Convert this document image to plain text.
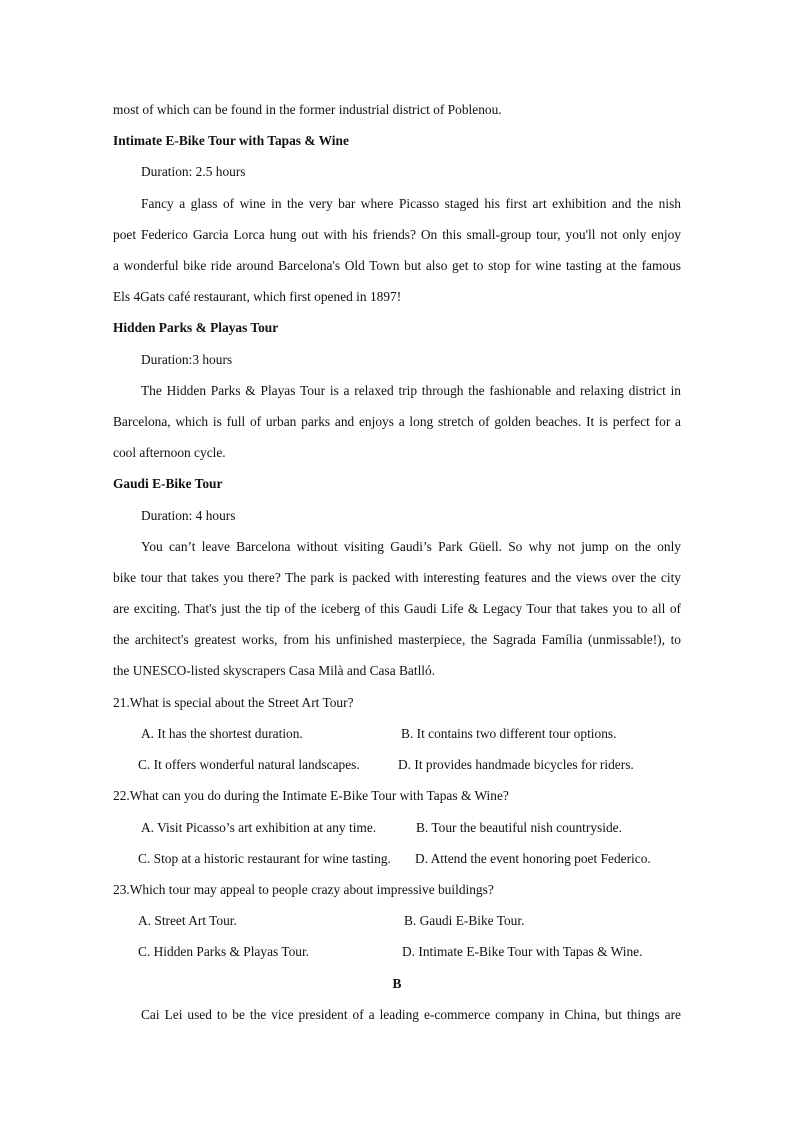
most of which can be found in the former industrial district of Poblenou.
Intimate E-Bike Tour with Tapas & Wine
Duration: 2.5 hours
Fancy a glass of wine in the very bar where Picasso staged his first art exhibition and the nish
poet Federico Garcia Lorca hung out with his friends? On this small-group tour, you'll not only enjoy
a wonderful bike ride around Barcelona's Old Town but also get to stop for wine tasting at the famous
Els 4Gats café restaurant, which first opened in 1897!
Hidden Parks & Playas Tour
Duration:3 hours
The Hidden Parks & Playas Tour is a relaxed trip through the fashionable and relaxing district in
Barcelona, which is full of urban parks and enjoys a long stretch of golden beaches. It is perfect for a
cool afternoon cycle.
Gaudi E-Bike Tour
Duration: 4 hours
You can’t leave Barcelona without visiting Gaudi’s Park Güell. So why not jump on the only
bike tour that takes you there? The park is packed with interesting features and the views over the city
are exciting. That's just the tip of the iceberg of this Gaudi Life & Legacy Tour that takes you to all of
the architect's greatest works, from his unfinished masterpiece, the Sagrada Família (unmissable!), to
the UNESCO-listed skyscrapers Casa Milà and Casa Batlló.
21.What is special about the Street Art Tour?
A. It has the shortest duration.	B. It contains two different tour options.
C. It offers wonderful natural landscapes.	D. It provides handmade bicycles for riders.
22.What can you do during the Intimate E-Bike Tour with Tapas & Wine?
A. Visit Picasso’s art exhibition at any time.	B. Tour the beautiful nish countryside.
C. Stop at a historic restaurant for wine tasting. D. Attend the event honoring poet Federico.
23.Which tour may appeal to people crazy about impressive buildings?
A. Street Art Tour.	B. Gaudi E-Bike Tour.
C. Hidden Parks & Playas Tour.	D. Intimate E-Bike Tour with Tapas & Wine.
B
Cai Lei used to be the vice president of a leading e-commerce company in China, but things are
